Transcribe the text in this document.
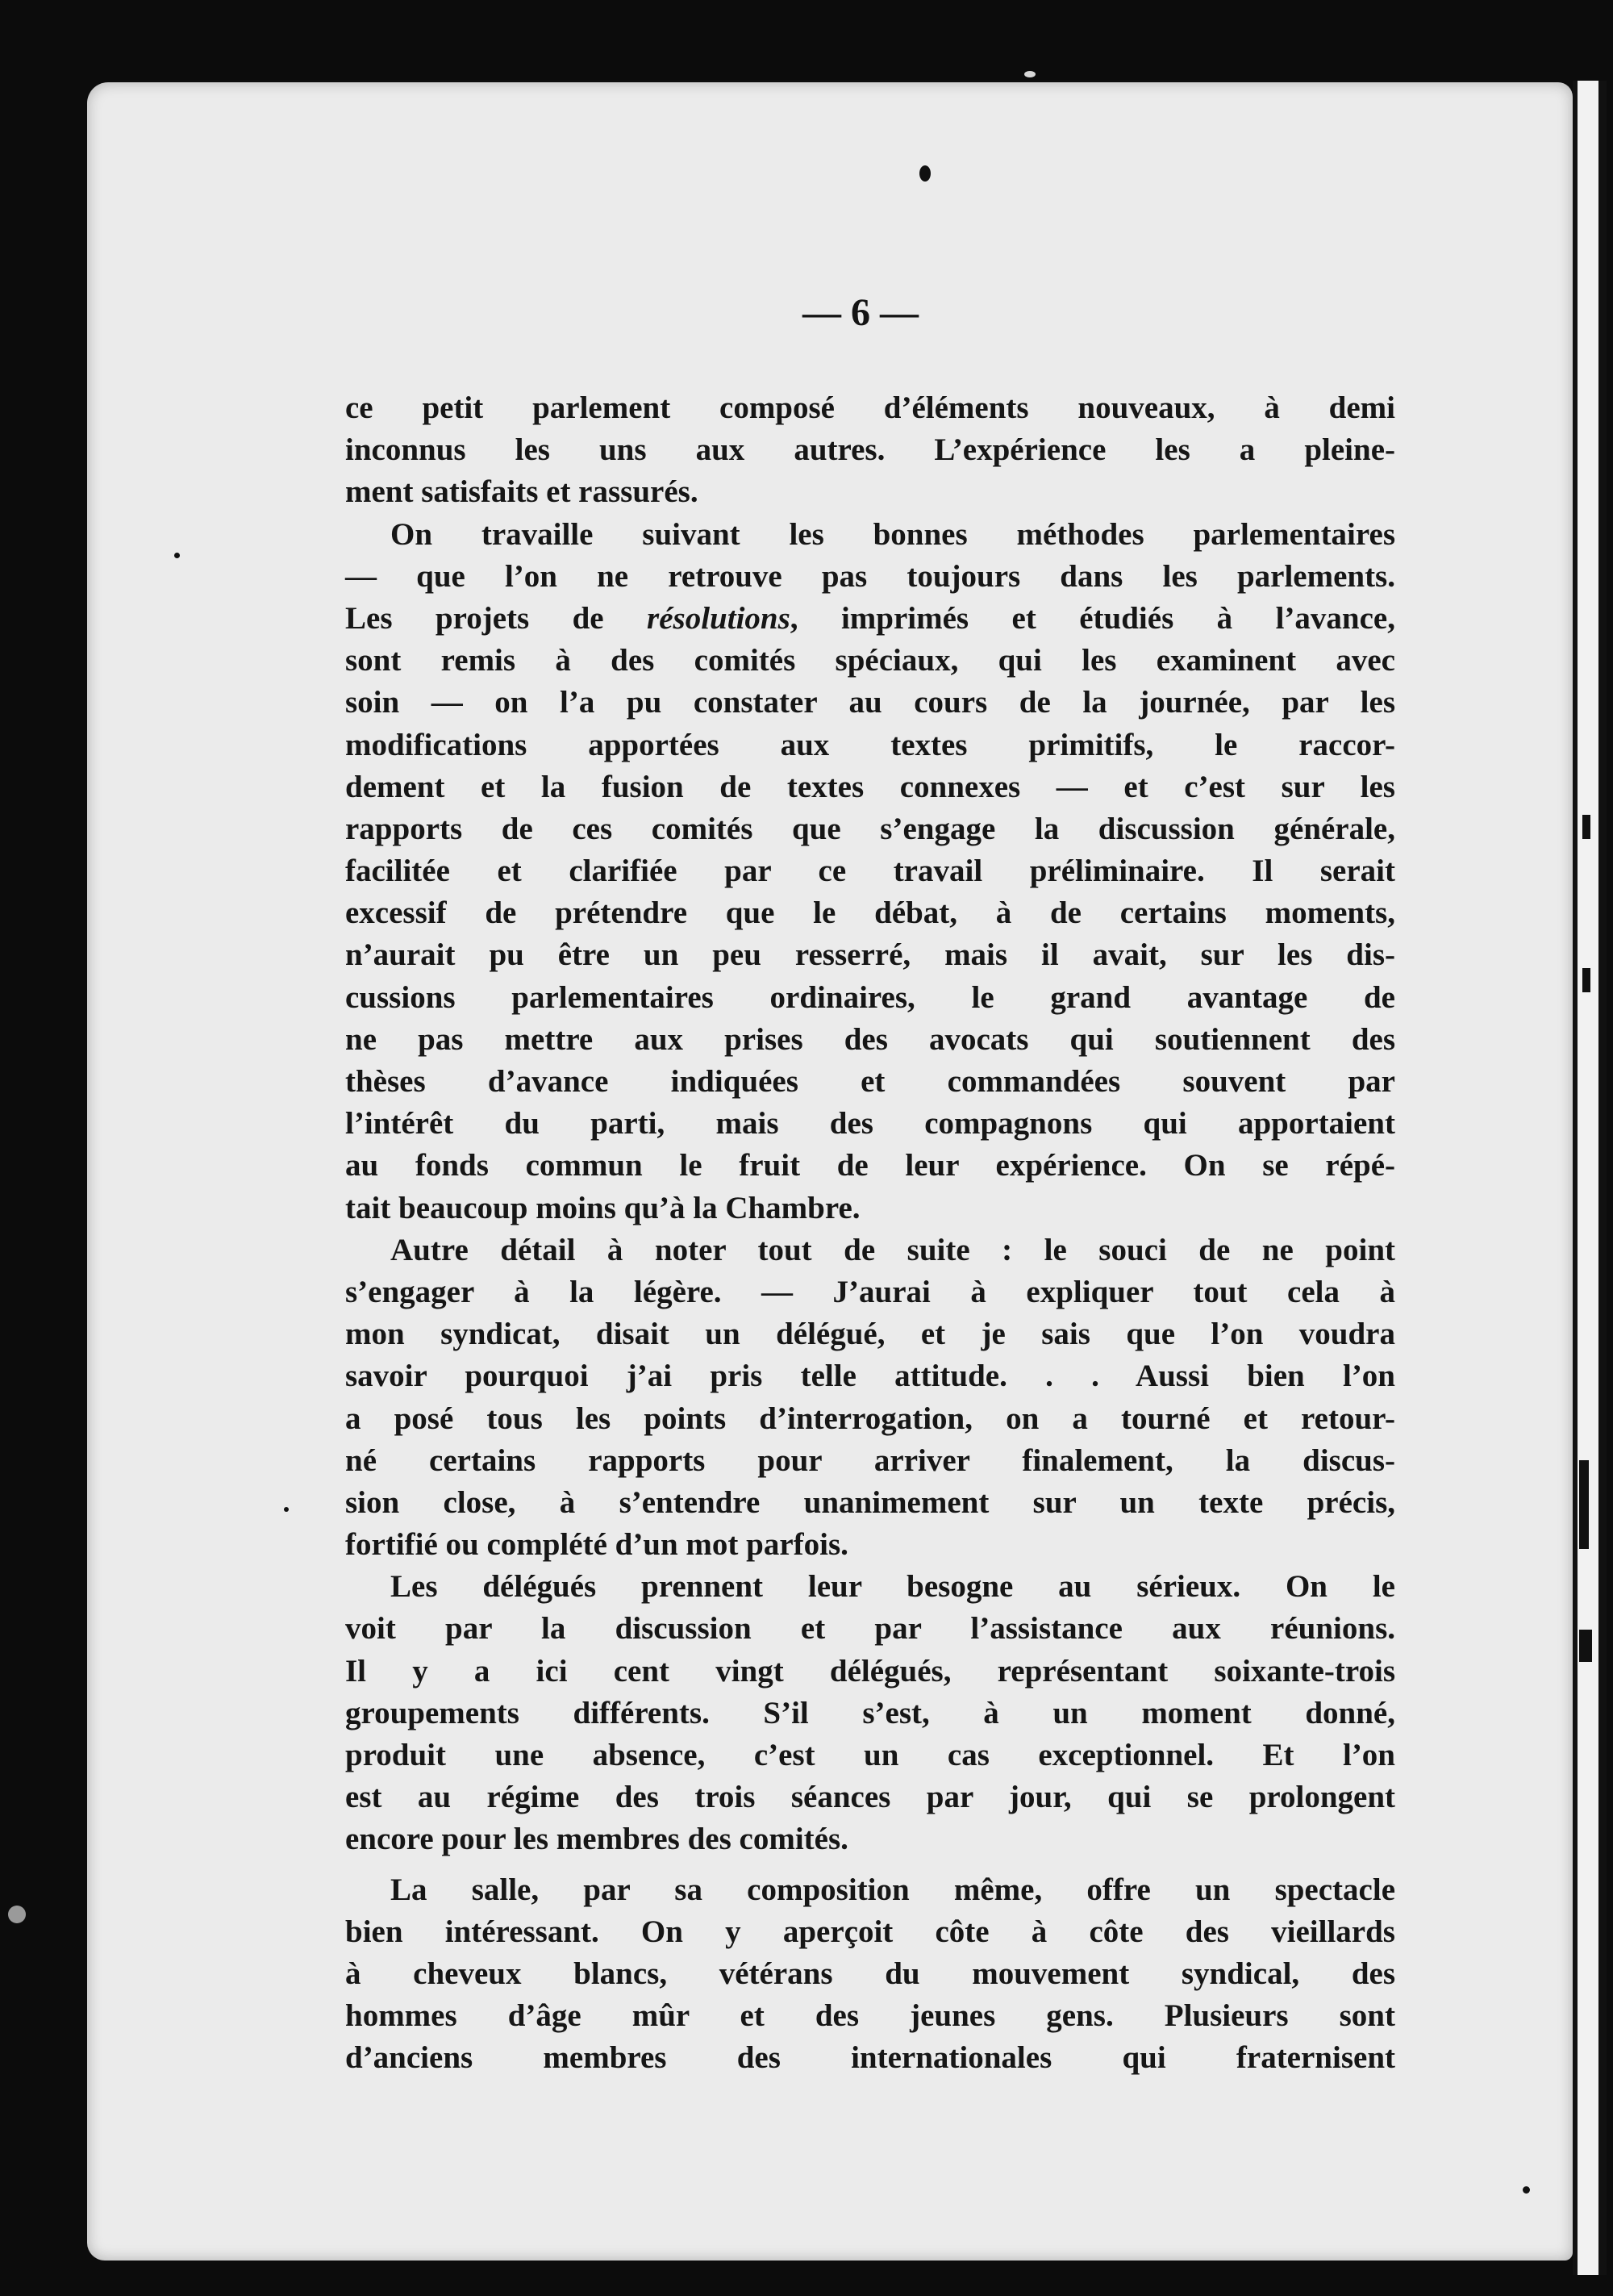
— 6 —
ce petit parlement composé d’éléments nouveaux, à demi
inconnus les uns aux autres. L’expérience les a pleine-
ment satisfaits et rassurés.
On travaille suivant les bonnes méthodes parlementaires
— que l’on ne retrouve pas toujours dans les parlements.
Les projets de résolutions, imprimés et étudiés à l’avance,
sont remis à des comités spéciaux, qui les examinent avec
soin — on l’a pu constater au cours de la journée, par les
modifications apportées aux textes primitifs, le raccor-
dement et la fusion de textes connexes — et c’est sur les
rapports de ces comités que s’engage la discussion générale,
facilitée et clarifiée par ce travail préliminaire. Il serait
excessif de prétendre que le débat, à de certains moments,
n’aurait pu être un peu resserré, mais il avait, sur les dis-
cussions parlementaires ordinaires, le grand avantage de
ne pas mettre aux prises des avocats qui soutiennent des
thèses d’avance indiquées et commandées souvent par
l’intérêt du parti, mais des compagnons qui apportaient
au fonds commun le fruit de leur expérience. On se répé-
tait beaucoup moins qu’à la Chambre.
Autre détail à noter tout de suite : le souci de ne point
s’engager à la légère. — J’aurai à expliquer tout cela à
mon syndicat, disait un délégué, et je sais que l’on voudra
savoir pourquoi j’ai pris telle attitude. . . Aussi bien l’on
a posé tous les points d’interrogation, on a tourné et retour-
né certains rapports pour arriver finalement, la discus-
sion close, à s’entendre unanimement sur un texte précis,
fortifié ou complété d’un mot parfois.
Les délégués prennent leur besogne au sérieux. On le
voit par la discussion et par l’assistance aux réunions.
Il y a ici cent vingt délégués, représentant soixante-trois
groupements différents. S’il s’est, à un moment donné,
produit une absence, c’est un cas exceptionnel. Et l’on
est au régime des trois séances par jour, qui se prolongent
encore pour les membres des comités.
La salle, par sa composition même, offre un spectacle
bien intéressant. On y aperçoit côte à côte des vieillards
à cheveux blancs, vétérans du mouvement syndical, des
hommes d’âge mûr et des jeunes gens. Plusieurs sont
d’anciens membres des internationales qui fraternisent
